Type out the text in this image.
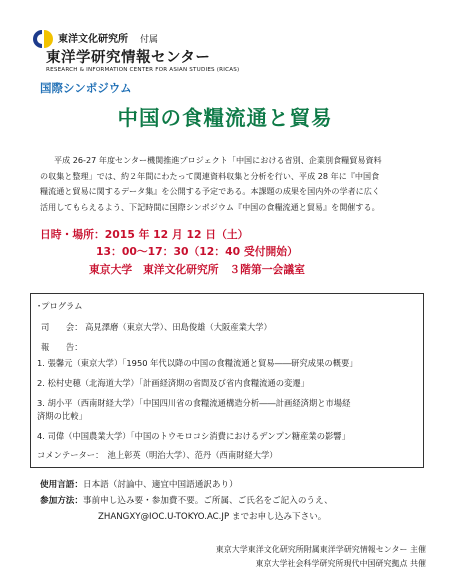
東洋文化研究所 付属
東洋学研究情報センター
RESEARCH & INFORMATION CENTER FOR ASIAN STUDIES (RICAS)
国際シンポジウム
中国の食糧流通と貿易

平成 26-27 年度センター機関推進プロジェクト「中国における省別、企業別食糧貿易資料

の収集と整理」では、約２年間にわたって関連資料収集と分析を行い、平成 28 年に『中国食

糧流通と貿易に関するデータ集』を公開する予定である。本課題の成果を国内外の学者に広く

活用してもらえるよう、下記時間に国際シンポジウム『中国の食糧流通と貿易』を開催する。

日時・場所：2015 年 12 月 12 日（土）
13：00～17：30（12：40 受付開始）
東京大学　東洋文化研究所　３階第一会議室
･プログラム
司　　会： 高見澤磨（東京大学）、田島俊雄（大阪産業大学）
報　　告：
1. 張馨元（東京大学）「1950 年代以降の中国の食糧流通と貿易――研究成果の概要」
2. 松村史穂（北海道大学）「計画経済期の省間及び省内食糧流通の変遷」
3. 胡小平（西南財経大学）「中国四川省の食糧流通構造分析――計画経済期と市場経
済期の比較」
4. 司偉（中国農業大学）「中国のトウモロコシ消費におけるデンプン糖産業の影響」
コメンテーター：　池上彰英（明治大学）、范丹（西南財経大学）
使用言語：日本語（討論中、適宜中国語通訳あり）
参加方法：事前申し込み要・参加費不要。ご所属、ご氏名をご記入のうえ、
ZHANGXY@IOC.U-TOKYO.AC.JP までお申し込み下さい。
東京大学東洋文化研究所附属東洋学研究情報センター 主催
東京大学社会科学研究所現代中国研究拠点 共催
